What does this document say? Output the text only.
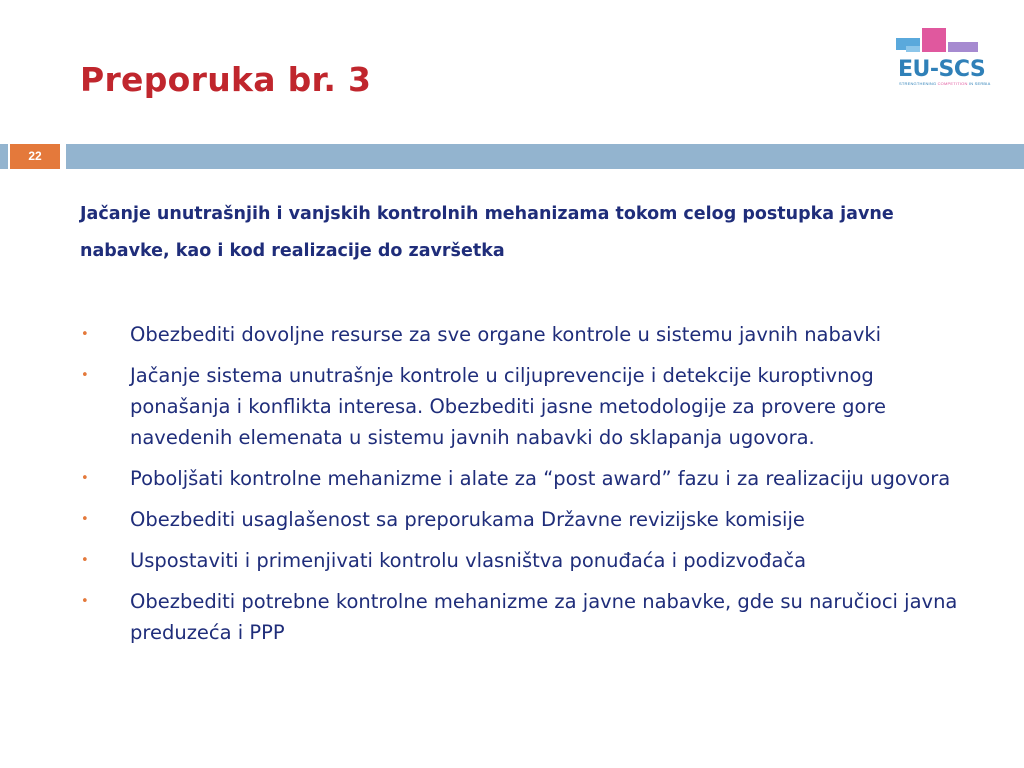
Preporuka br. 3	EU-SCS
STRENGTHENING COMPETITION IN SERBIA
22

Jačanje unutrašnjih i vanjskih kontrolnih mehanizama tokom celog postupka javne nabavke, kao i kod realizacije do završetka

• Obezbediti dovoljne resurse za sve organe kontrole u sistemu javnih nabavki
• Jačanje sistema unutrašnje kontrole u ciljuprevencije i detekcije kuroptivnog ponašanja i konflikta interesa. Obezbediti jasne metodologije za provere gore navedenih elemenata u sistemu javnih nabavki do sklapanja ugovora.
• Poboljšati kontrolne mehanizme i alate za “post award” fazu i za realizaciju ugovora
• Obezbediti usaglašenost sa preporukama Državne revizijske komisije
• Uspostaviti i primenjivati kontrolu vlasništva ponuđaća i podizvođača
• Obezbediti potrebne kontrolne mehanizme za javne nabavke, gde su naručioci javna preduzeća i PPP
